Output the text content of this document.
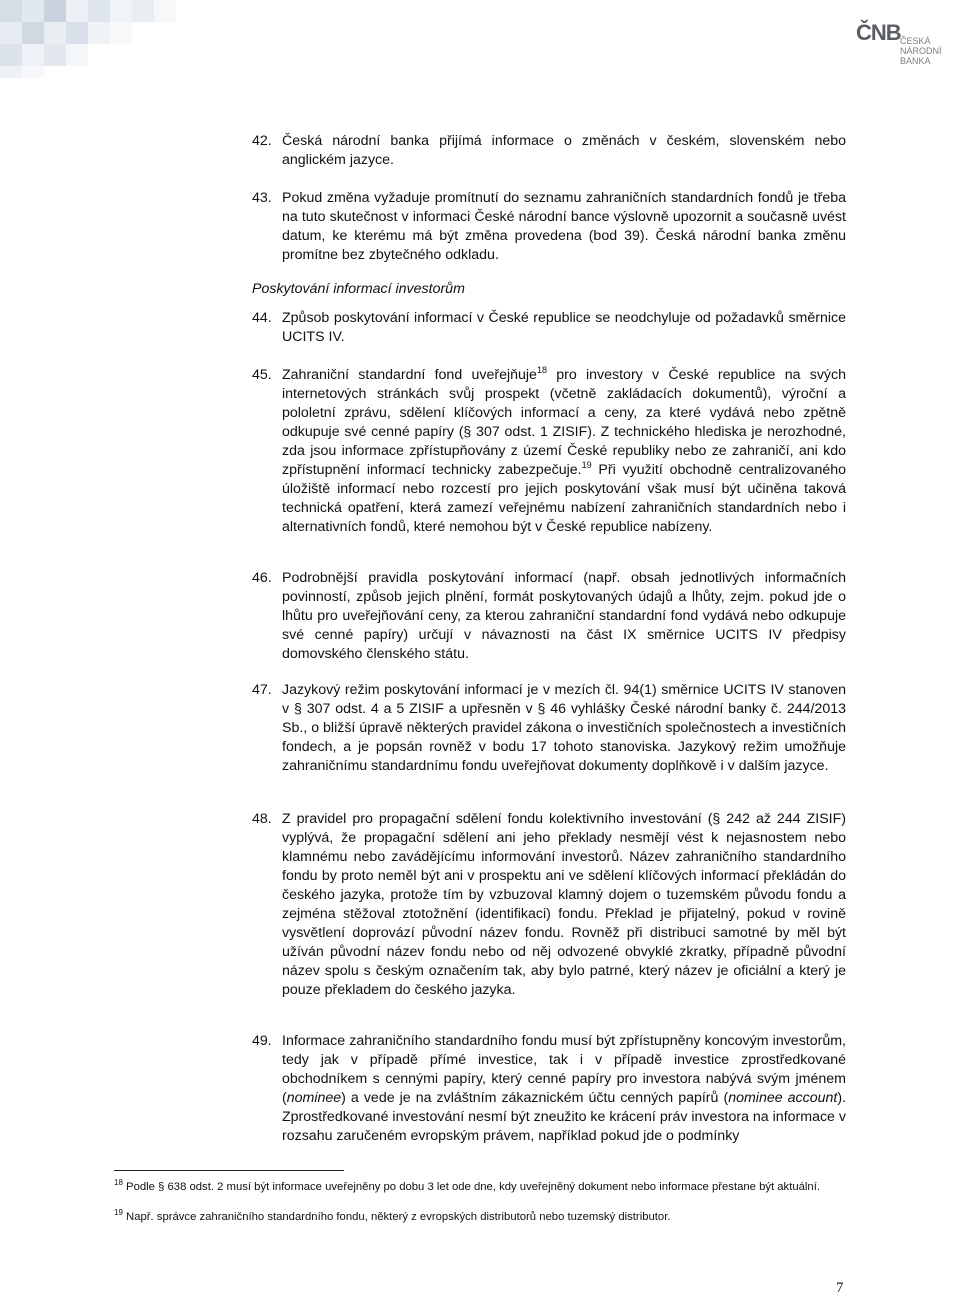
ČNB ČESKÁ
NÁRODNÍ BANKA
42. Česká národní banka přijímá informace o změnách v českém, slovenském nebo anglickém jazyce.
43. Pokud změna vyžaduje promítnutí do seznamu zahraničních standardních fondů je třeba na tuto skutečnost v informaci České národní bance výslovně upozornit a současně uvést datum, ke kterému má být změna provedena (bod 39). Česká národní banka změnu promítne bez zbytečného odkladu.
Poskytování informací investorům
44. Způsob poskytování informací v České republice se neodchyluje od požadavků směrnice UCITS IV.
45. Zahraniční standardní fond uveřejňuje$^{18}$ pro investory v České republice na svých internetových stránkách svůj prospekt (včetně zakládacích dokumentů), výroční a pololetní zprávu, sdělení klíčových informací a ceny, za které vydává nebo zpětně odkupuje své cenné papíry (§ 307 odst. 1 ZISIF). Z technického hlediska je nerozhodné, zda jsou informace zpřístupňovány z území České republiky nebo ze zahraničí, ani kdo zpřístupnění informací technicky zabezpečuje.$^{19}$ Při využití obchodně centralizovaného úložiště informací nebo rozcestí pro jejich poskytování však musí být učiněna taková technická opatření, která zamezí veřejnému nabízení zahraničních standardních nebo i alternativních fondů, které nemohou být v České republice nabízeny.
46. Podrobnější pravidla poskytování informací (např. obsah jednotlivých informačních povinností, způsob jejich plnění, formát poskytovaných údajů a lhůty, zejm. pokud jde o lhůtu pro uveřejňování ceny, za kterou zahraniční standardní fond vydává nebo odkupuje své cenné papíry) určují v návaznosti na část IX směrnice UCITS IV předpisy domovského členského státu.
47. Jazykový režim poskytování informací je v mezích čl. 94(1) směrnice UCITS IV stanoven v § 307 odst. 4 a 5 ZISIF a upřesněn v § 46 vyhlášky České národní banky č. 244/2013 Sb., o bližší úpravě některých pravidel zákona o investičních společnostech a investičních fondech, a je popsán rovněž v bodu 17 tohoto stanoviska. Jazykový režim umožňuje zahraničnímu standardnímu fondu uveřejňovat dokumenty doplňkově i v dalším jazyce.
48. Z pravidel pro propagační sdělení fondu kolektivního investování (§ 242 až 244 ZISIF) vyplývá, že propagační sdělení ani jeho překlady nesmějí vést k nejasnostem nebo klamnému nebo zavádějícímu informování investorů. Název zahraničního standardního fondu by proto neměl být ani v prospektu ani ve sdělení klíčových informací překládán do českého jazyka, protože tím by vzbuzoval klamný dojem o tuzemském původu fondu a zejména stěžoval ztotožnění (identifikaci) fondu. Překlad je přijatelný, pokud v rovině vysvětlení doprovází původní název fondu. Rovněž při distribuci samotné by měl být užíván původní název fondu nebo od něj odvozené obvyklé zkratky, případně původní název spolu s českým označením tak, aby bylo patrné, který název je oficiální a který je pouze překladem do českého jazyka.
49. Informace zahraničního standardního fondu musí být zpřístupněny koncovým investorům, tedy jak v případě přímé investice, tak i v případě investice zprostředkované obchodníkem s cennými papíry, který cenné papíry pro investora nabývá svým jménem (nominee) a vede je na zvláštním zákaznickém účtu cenných papírů (nominee account). Zprostředkované investování nesmí být zneužito ke krácení práv investora na informace v rozsahu zaručeném evropským právem, například pokud jde o podmínky
$^{18}$ Podle § 638 odst. 2 musí být informace uveřejněny po dobu 3 let ode dne, kdy uveřejněný dokument nebo informace přestane být aktuální.
$^{19}$ Např. správce zahraničního standardního fondu, některý z evropských distributorů nebo tuzemský distributor.
7
